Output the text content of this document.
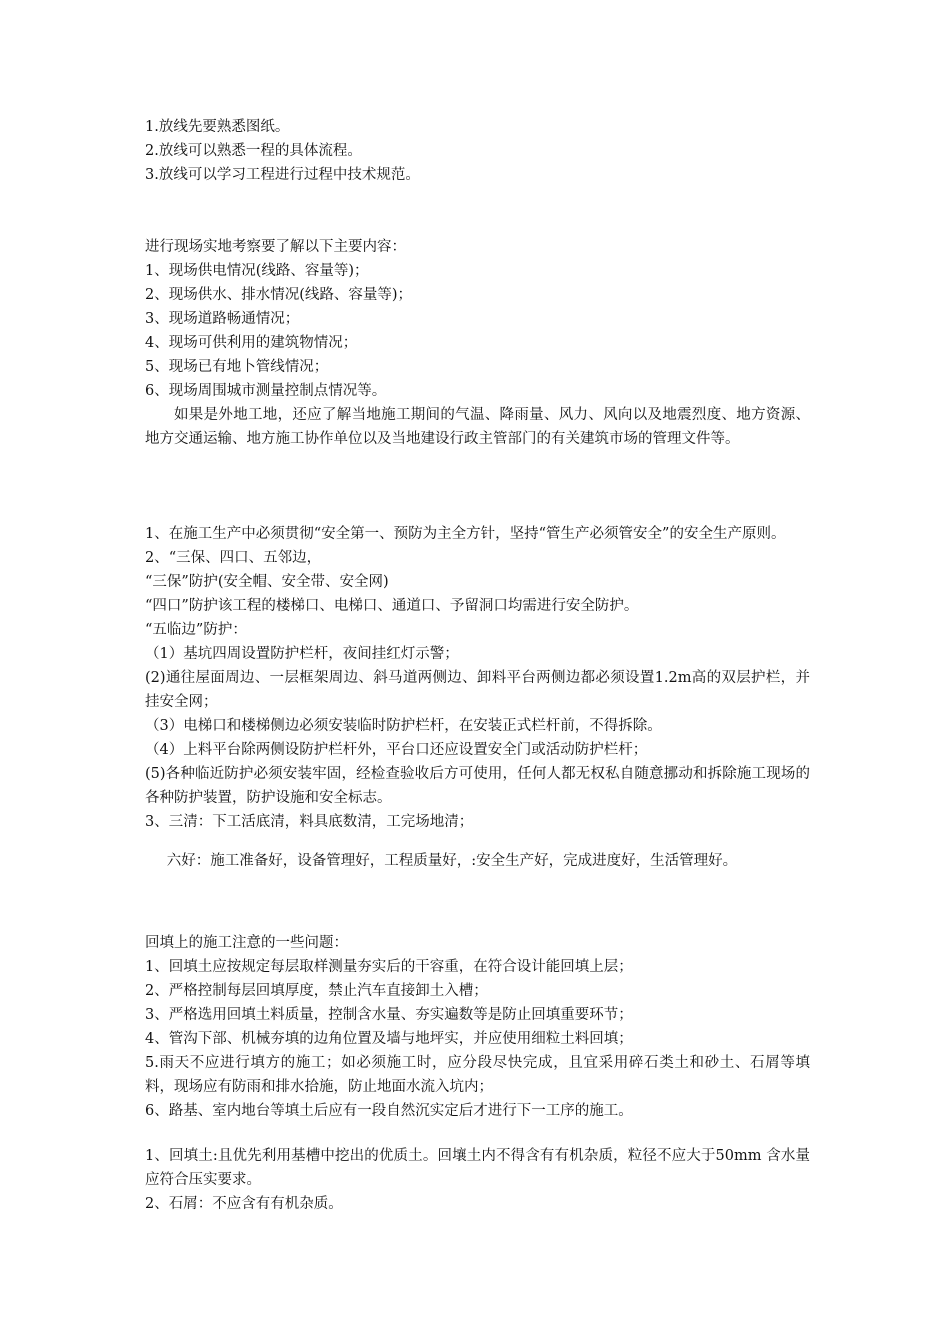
1.放线先要熟悉图纸。

2.放线可以熟悉一程的具体流程。

3.放线可以学习工程进行过程中技术规范。

进行现场实地考察要了解以下主要内容：

1、现场供电情况(线路、容量等)；

2、现场供水、排水情况(线路、容量等)；

3、现场道路畅通情况；

4、现场可供利用的建筑物情况；

5、现场已有地卜管线情况；

6、现场周围城市测量控制点情况等。

如果是外地工地，还应了解当地施工期间的气温、降雨量、风力、风向以及地震烈度、地方资源、地方交通运输、地方施工协作单位以及当地建设行政主管部门的有关建筑市场的管理文件等。

1、在施工生产中必须贯彻“安全第一、预防为主全方针，坚持“管生产必须管安全”的安全生产原则。

2、“三保、四口、五邻边，

“三保”防护(安全帽、安全带、安全网)

“四口”防护该工程的楼梯口、电梯口、通道口、予留洞口均需进行安全防护。

“五临边”防护：

（1）基坑四周设置防护栏杆，夜间挂红灯示警；

(2)通往屋面周边、一层框架周边、斜马道两侧边、卸料平台两侧边都必须设置1.2m高的双层护栏，并挂安全网；

（3）电梯口和楼梯侧边必须安装临时防护栏杆，在安装正式栏杆前，不得拆除。

（4）上料平台除两侧设防护栏杆外，平台口还应设置安全门或活动防护栏杆；

(5)各种临近防护必须安装牢固，经检查验收后方可使用，任何人都无权私自随意挪动和拆除施工现场的各种防护装置，防护设施和安全标志。

3、三清：下工活底清，料具底数清，工完场地清；

六好：施工准备好，设备管理好，工程质量好，:安全生产好，完成进度好，生活管理好。

回填上的施工注意的一些问题：

1、回填土应按规定每层取样测量夯实后的干容重，在符合设计能回填上层；

2、严格控制每层回填厚度，禁止汽车直接卸土入槽；

3、严格选用回填土料质量，控制含水量、夯实遍数等是防止回填重要环节；

4、管沟下部、机械夯填的边角位置及墙与地坪实，并应使用细粒土料回填；

5.雨天不应进行填方的施工；如必须施工时，应分段尽快完成，且宜采用碎石类土和砂土、石屑等填料，现场应有防雨和排水拾施，防止地面水流入坑内；

6、路基、室内地台等填土后应有一段自然沉实定后才进行下一工序的施工。

1、回填土:且优先利用基槽中挖出的优质土。回壤土内不得含有有机杂质，粒径不应大于50mm 含水量应符合压实要求。

2、石屑：不应含有有机杂质。
